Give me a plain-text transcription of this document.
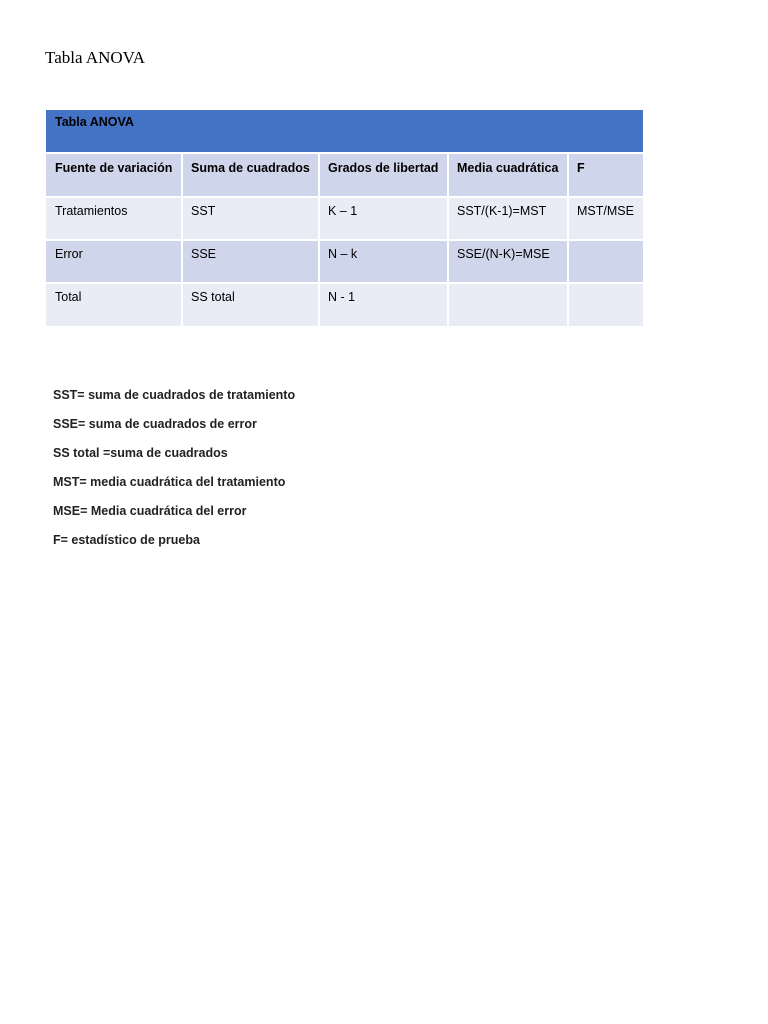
Tabla ANOVA
Tabla ANOVA				
Fuente de variación	Suma de cuadrados	Grados de libertad	Media cuadrática	F
Tratamientos	SST	K – 1	SST/(K-1)=MST	MST/MSE
Error	SSE	N – k	SSE/(N-K)=MSE	
Total	SS total	N - 1		
SST= suma de cuadrados de tratamiento
SSE= suma de cuadrados de error
SS total =suma de cuadrados
MST= media cuadrática del tratamiento
MSE= Media cuadrática del error
F= estadístico de prueba
